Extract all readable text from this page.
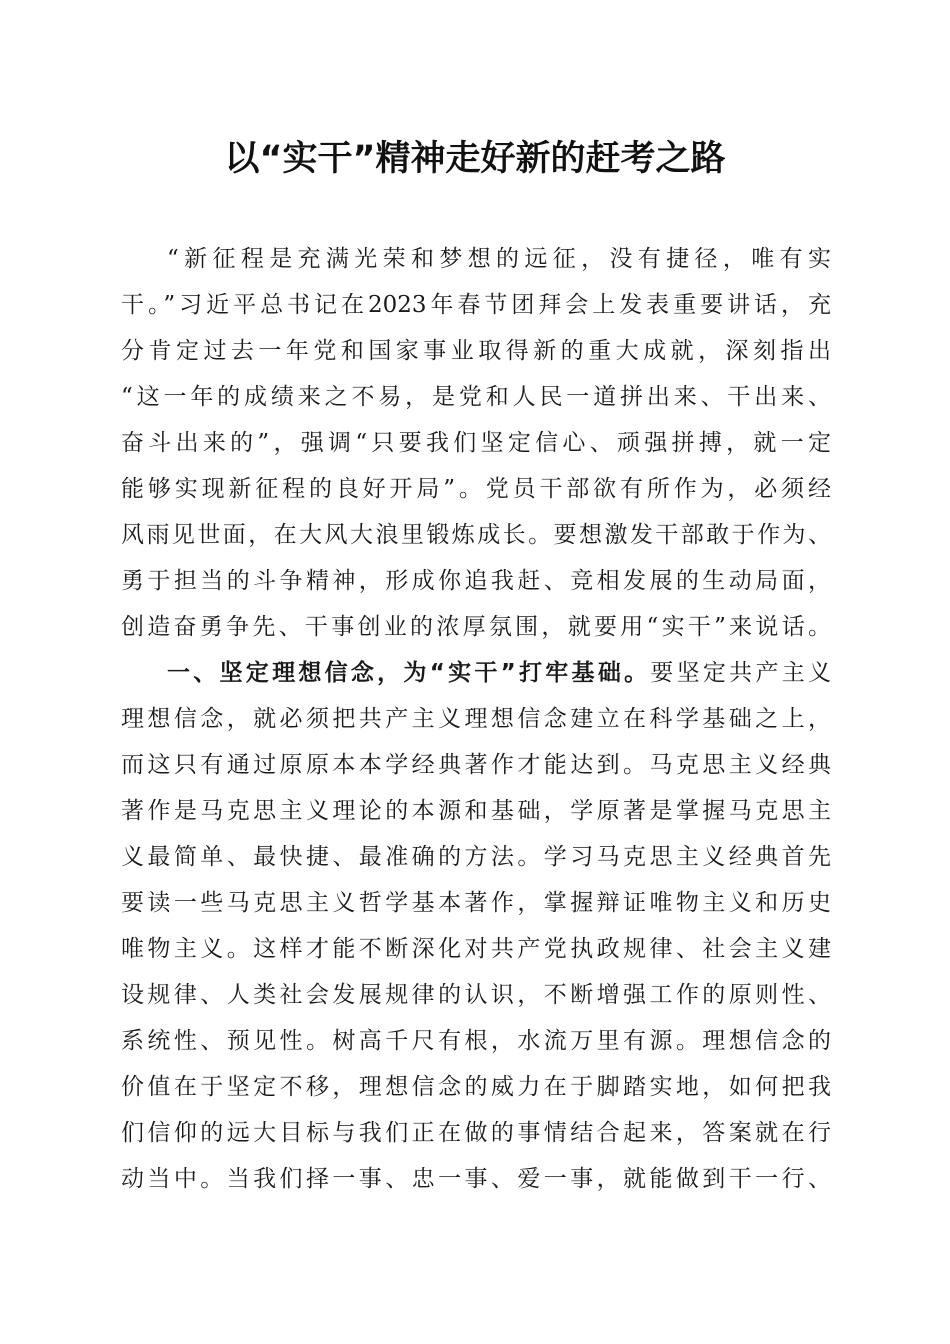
以“实干”精神走好新的赶考之路
“新征程是充满光荣和梦想的远征，没有捷径，唯有实
干。”习近平总书记在2023年春节团拜会上发表重要讲话，充
分肯定过去一年党和国家事业取得新的重大成就，深刻指出
“这一年的成绩来之不易，是党和人民一道拼出来、干出来、
奋斗出来的”，强调“只要我们坚定信心、顽强拼搏，就一定
能够实现新征程的良好开局”。党员干部欲有所作为，必须经
风雨见世面，在大风大浪里锻炼成长。要想激发干部敢于作为、
勇于担当的斗争精神，形成你追我赶、竞相发展的生动局面，
创造奋勇争先、干事创业的浓厚氛围，就要用“实干”来说话。
一、坚定理想信念，为“实干”打牢基础。要坚定共产主义
理想信念，就必须把共产主义理想信念建立在科学基础之上，
而这只有通过原原本本学经典著作才能达到。马克思主义经典
著作是马克思主义理论的本源和基础，学原著是掌握马克思主
义最简单、最快捷、最准确的方法。学习马克思主义经典首先
要读一些马克思主义哲学基本著作，掌握辩证唯物主义和历史
唯物主义。这样才能不断深化对共产党执政规律、社会主义建
设规律、人类社会发展规律的认识，不断增强工作的原则性、
系统性、预见性。树高千尺有根，水流万里有源。理想信念的
价值在于坚定不移，理想信念的威力在于脚踏实地，如何把我
们信仰的远大目标与我们正在做的事情结合起来，答案就在行
动当中。当我们择一事、忠一事、爱一事，就能做到干一行、
